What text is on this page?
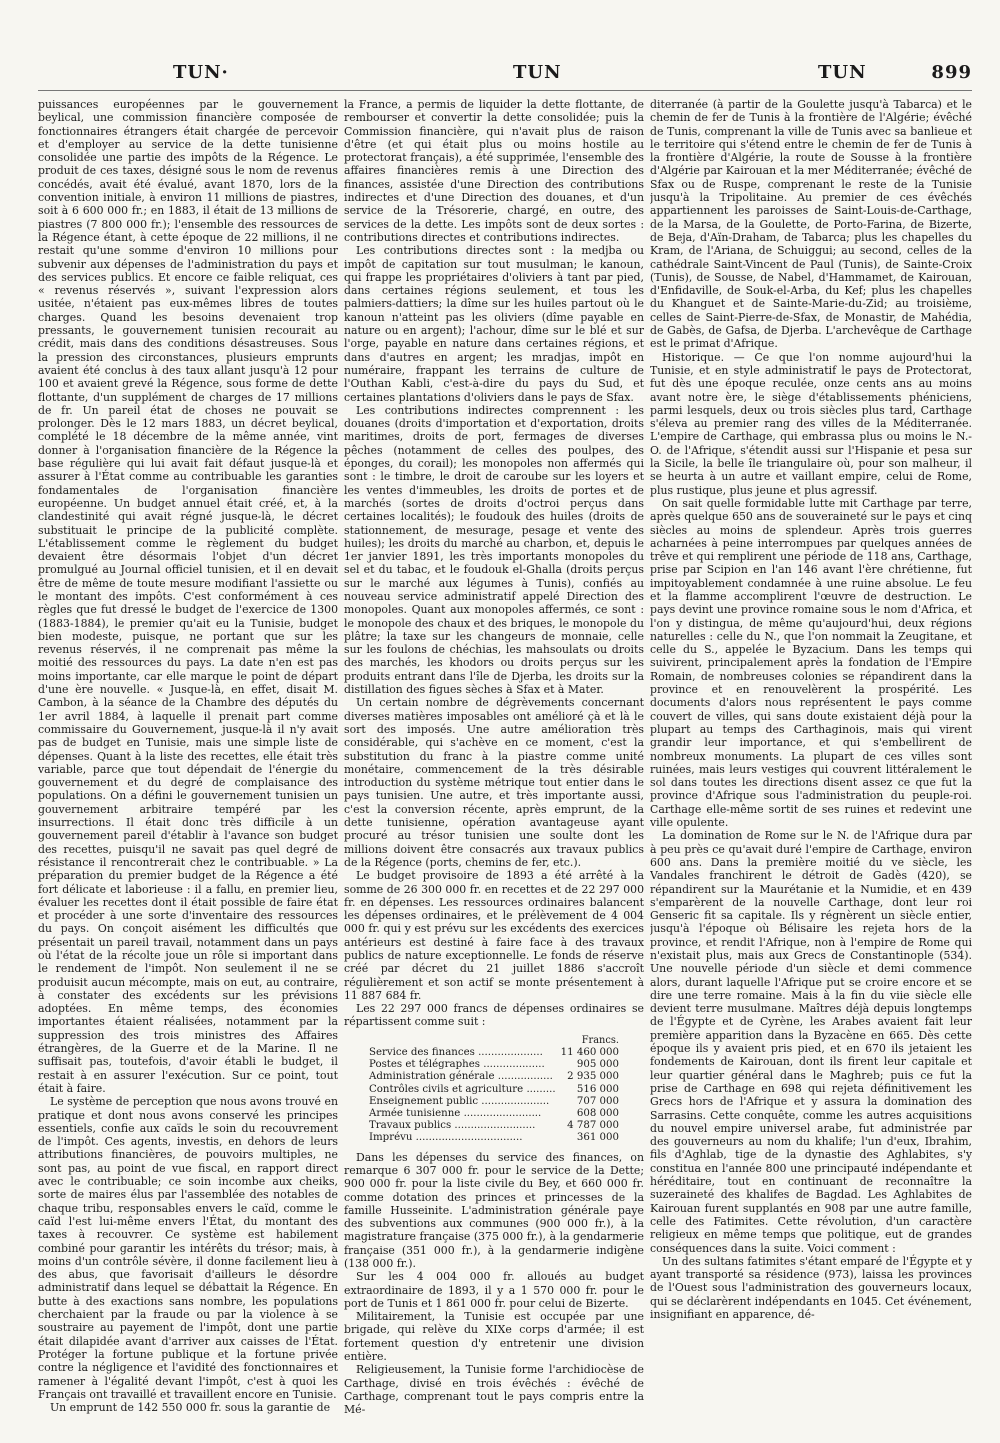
TUN·	TUN	TUN	899

puissances européennes par le gouvernement beylical, une commission financière composée de fonctionnaires étrangers était chargée de percevoir et d'employer au service de la dette tunisienne consolidée une partie des impôts de la Régence. Le produit de ces taxes, désigné sous le nom de revenus concédés, avait été évalué, avant 1870, lors de la convention initiale, à environ 11 millions de piastres, soit à 6 600 000 fr.; en 1883, il était de 13 millions de piastres (7 800 000 fr.); l'ensemble des ressources de la Régence étant, à cette époque de 22 millions, il ne restait qu'une somme d'environ 10 millions pour subvenir aux dépenses de l'administration du pays et des services publics. Et encore ce faible reliquat, ces « revenus réservés », suivant l'expression alors usitée, n'étaient pas eux-mêmes libres de toutes charges. Quand les besoins devenaient trop pressants, le gouvernement tunisien recourait au crédit, mais dans des conditions désastreuses. Sous la pression des circonstances, plusieurs emprunts avaient été conclus à des taux allant jusqu'à 12 pour 100 et avaient grevé la Régence, sous forme de dette flottante, d'un supplément de charges de 17 millions de fr. Un pareil état de choses ne pouvait se prolonger. Dès le 12 mars 1883, un décret beylical, complété le 18 décembre de la même année, vint donner à l'organisation financière de la Régence la base régulière qui lui avait fait défaut jusque-là et assurer à l'État comme au contribuable les garanties fondamentales de l'organisation financière européenne. Un budget annuel était créé, et, à la clandestinité qui avait régné jusque-là, le décret substituait le principe de la publicité complète. L'établissement comme le règlement du budget devaient être désormais l'objet d'un décret promulgué au Journal officiel tunisien, et il en devait être de même de toute mesure modifiant l'assiette ou le montant des impôts. C'est conformément à ces règles que fut dressé le budget de l'exercice de 1300 (1883-1884), le premier qu'ait eu la Tunisie, budget bien modeste, puisque, ne portant que sur les revenus réservés, il ne comprenait pas même la moitié des ressources du pays. La date n'en est pas moins importante, car elle marque le point de départ d'une ère nouvelle. « Jusque-là, en effet, disait M. Cambon, à la séance de la Chambre des députés du 1er avril 1884, à laquelle il prenait part comme commissaire du Gouvernement, jusque-là il n'y avait pas de budget en Tunisie, mais une simple liste de dépenses. Quant à la liste des recettes, elle était très variable, parce que tout dépendait de l'énergie du gouvernement et du degré de complaisance des populations. On a défini le gouvernement tunisien un gouvernement arbitraire tempéré par les insurrections. Il était donc très difficile à un gouvernement pareil d'établir à l'avance son budget des recettes, puisqu'il ne savait pas quel degré de résistance il rencontrerait chez le contribuable. » La préparation du premier budget de la Régence a été fort délicate et laborieuse : il a fallu, en premier lieu, évaluer les recettes dont il était possible de faire état et procéder à une sorte d'inventaire des ressources du pays. On conçoit aisément les difficultés que présentait un pareil travail, notamment dans un pays où l'état de la récolte joue un rôle si important dans le rendement de l'impôt. Non seulement il ne se produisit aucun mécompte, mais on eut, au contraire, à constater des excédents sur les prévisions adoptées. En même temps, des économies importantes étaient réalisées, notamment par la suppression des trois ministres des Affaires étrangères, de la Guerre et de la Marine. Il ne suffisait pas, toutefois, d'avoir établi le budget, il restait à en assurer l'exécution. Sur ce point, tout était à faire.

Le système de perception que nous avons trouvé en pratique et dont nous avons conservé les principes essentiels, confie aux caïds le soin du recouvrement de l'impôt. Ces agents, investis, en dehors de leurs attributions financières, de pouvoirs multiples, ne sont pas, au point de vue fiscal, en rapport direct avec le contribuable; ce soin incombe aux cheiks, sorte de maires élus par l'assemblée des notables de chaque tribu, responsables envers le caïd, comme le caïd l'est lui-même envers l'État, du montant des taxes à recouvrer. Ce système est habilement combiné pour garantir les intérêts du trésor; mais, à moins d'un contrôle sévère, il donne facilement lieu à des abus, que favorisait d'ailleurs le désordre administratif dans lequel se débattait la Régence. En butte à des exactions sans nombre, les populations cherchaient par la fraude ou par la violence à se soustraire au payement de l'impôt, dont une partie était dilapidée avant d'arriver aux caisses de l'État. Protéger la fortune publique et la fortune privée contre la négligence et l'avidité des fonctionnaires et ramener à l'égalité devant l'impôt, c'est à quoi les Français ont travaillé et travaillent encore en Tunisie.

Un emprunt de 142 550 000 fr. sous la garantie de

la France, a permis de liquider la dette flottante, de rembourser et convertir la dette consolidée; puis la Commission financière, qui n'avait plus de raison d'être (et qui était plus ou moins hostile au protectorat français), a été supprimée, l'ensemble des affaires financières remis à une Direction des finances, assistée d'une Direction des contributions indirectes et d'une Direction des douanes, et d'un service de la Trésorerie, chargé, en outre, des services de la dette. Les impôts sont de deux sortes : contributions directes et contributions indirectes.

Les contributions directes sont : la medjba ou impôt de capitation sur tout musulman; le kanoun, qui frappe les propriétaires d'oliviers à tant par pied, dans certaines régions seulement, et tous les palmiers-dattiers; la dîme sur les huiles partout où le kanoun n'atteint pas les oliviers (dîme payable en nature ou en argent); l'achour, dîme sur le blé et sur l'orge, payable en nature dans certaines régions, et dans d'autres en argent; les mradjas, impôt en numéraire, frappant les terrains de culture de l'Outhan Kabli, c'est-à-dire du pays du Sud, et certaines plantations d'oliviers dans le pays de Sfax.

Les contributions indirectes comprennent : les douanes (droits d'importation et d'exportation, droits maritimes, droits de port, fermages de diverses pêches (notamment de celles des poulpes, des éponges, du corail); les monopoles non affermés qui sont : le timbre, le droit de caroube sur les loyers et les ventes d'immeubles, les droits de portes et de marchés (sortes de droits d'octroi perçus dans certaines localités); le foudouk des huiles (droits de stationnement, de mesurage, pesage et vente des huiles); les droits du marché au charbon, et, depuis le 1er janvier 1891, les très importants monopoles du sel et du tabac, et le foudouk el-Ghalla (droits perçus sur le marché aux légumes à Tunis), confiés au nouveau service administratif appelé Direction des monopoles. Quant aux monopoles affermés, ce sont : le monopole des chaux et des briques, le monopole du plâtre; la taxe sur les changeurs de monnaie, celle sur les foulons de chéchias, les mahsoulats ou droits des marchés, les khodors ou droits perçus sur les produits entrant dans l'île de Djerba, les droits sur la distillation des figues sèches à Sfax et à Mater.

Un certain nombre de dégrèvements concernant diverses matières imposables ont amélioré çà et là le sort des imposés. Une autre amélioration très considérable, qui s'achève en ce moment, c'est la substitution du franc à la piastre comme unité monétaire, commencement de la très désirable introduction du système métrique tout entier dans le pays tunisien. Une autre, et très importante aussi, c'est la conversion récente, après emprunt, de la dette tunisienne, opération avantageuse ayant procuré au trésor tunisien une soulte dont les millions doivent être consacrés aux travaux publics de la Régence (ports, chemins de fer, etc.).

Le budget provisoire de 1893 a été arrêté à la somme de 26 300 000 fr. en recettes et de 22 297 000 fr. en dépenses. Les ressources ordinaires balancent les dépenses ordinaires, et le prélèvement de 4 004 000 fr. qui y est prévu sur les excédents des exercices antérieurs est destiné à faire face à des travaux publics de nature exceptionnelle. Le fonds de réserve créé par décret du 21 juillet 1886 s'accroît régulièrement et son actif se monte présentement à 11 887 684 fr.

Les 22 297 000 francs de dépenses ordinaires se répartissent comme suit :

	Francs.
Service des finances ....................	11 460 000
Postes et télégraphes ...................	905 000
Administration générale .................	2 935 000
Contrôles civils et agriculture .........	516 000
Enseignement public .....................	707 000
Armée tunisienne ........................	608 000
Travaux publics .........................	4 787 000
Imprévu .................................	361 000

Dans les dépenses du service des finances, on remarque 6 307 000 fr. pour le service de la Dette; 900 000 fr. pour la liste civile du Bey, et 660 000 fr. comme dotation des princes et princesses de la famille Husseinite. L'administration générale paye des subventions aux communes (900 000 fr.), à la magistrature française (375 000 fr.), à la gendarmerie française (351 000 fr.), à la gendarmerie indigène (138 000 fr.).

Sur les 4 004 000 fr. alloués au budget extraordinaire de 1893, il y a 1 570 000 fr. pour le port de Tunis et 1 861 000 fr. pour celui de Bizerte.

Militairement, la Tunisie est occupée par une brigade, qui relève du XIXe corps d'armée; il est fortement question d'y entretenir une division entière.

Religieusement, la Tunisie forme l'archidiocèse de Carthage, divisé en trois évêchés : évêché de Carthage, comprenant tout le pays compris entre la Mé-

diterranée (à partir de la Goulette jusqu'à Tabarca) et le chemin de fer de Tunis à la frontière de l'Algérie; évêché de Tunis, comprenant la ville de Tunis avec sa banlieue et le territoire qui s'étend entre le chemin de fer de Tunis à la frontière d'Algérie, la route de Sousse à la frontière d'Algérie par Kairouan et la mer Méditerranée; évêché de Sfax ou de Ruspe, comprenant le reste de la Tunisie jusqu'à la Tripolitaine. Au premier de ces évêchés appartiennent les paroisses de Saint-Louis-de-Carthage, de la Marsa, de la Goulette, de Porto-Farina, de Bizerte, de Beja, d'Aïn-Draham, de Tabarca; plus les chapelles du Kram, de l'Ariana, de Schuiggui; au second, celles de la cathédrale Saint-Vincent de Paul (Tunis), de Sainte-Croix (Tunis), de Sousse, de Nabel, d'Hammamet, de Kairouan, d'Enfidaville, de Souk-el-Arba, du Kef; plus les chapelles du Khanguet et de Sainte-Marie-du-Zid; au troisième, celles de Saint-Pierre-de-Sfax, de Monastir, de Mahédia, de Gabès, de Gafsa, de Djerba. L'archevêque de Carthage est le primat d'Afrique.

Historique. — Ce que l'on nomme aujourd'hui la Tunisie, et en style administratif le pays de Protectorat, fut dès une époque reculée, onze cents ans au moins avant notre ère, le siège d'établissements phéniciens, parmi lesquels, deux ou trois siècles plus tard, Carthage s'éleva au premier rang des villes de la Méditerranée. L'empire de Carthage, qui embrassa plus ou moins le N.-O. de l'Afrique, s'étendit aussi sur l'Hispanie et pesa sur la Sicile, la belle île triangulaire où, pour son malheur, il se heurta à un autre et vaillant empire, celui de Rome, plus rustique, plus jeune et plus agressif.

On sait quelle formidable lutte mit Carthage par terre, après quelque 650 ans de souveraineté sur le pays et cinq siècles au moins de splendeur. Après trois guerres acharnées à peine interrompues par quelques années de trêve et qui remplirent une période de 118 ans, Carthage, prise par Scipion en l'an 146 avant l'ère chrétienne, fut impitoyablement condamnée à une ruine absolue. Le feu et la flamme accomplirent l'œuvre de destruction. Le pays devint une province romaine sous le nom d'Africa, et l'on y distingua, de même qu'aujourd'hui, deux régions naturelles : celle du N., que l'on nommait la Zeugitane, et celle du S., appelée le Byzacium. Dans les temps qui suivirent, principalement après la fondation de l'Empire Romain, de nombreuses colonies se répandirent dans la province et en renouvelèrent la prospérité. Les documents d'alors nous représentent le pays comme couvert de villes, qui sans doute existaient déjà pour la plupart au temps des Carthaginois, mais qui virent grandir leur importance, et qui s'embellirent de nombreux monuments. La plupart de ces villes sont ruinées, mais leurs vestiges qui couvrent littéralement le sol dans toutes les directions disent assez ce que fut la province d'Afrique sous l'administration du peuple-roi. Carthage elle-même sortit de ses ruines et redevint une ville opulente.

La domination de Rome sur le N. de l'Afrique dura par à peu près ce qu'avait duré l'empire de Carthage, environ 600 ans. Dans la première moitié du ve siècle, les Vandales franchirent le détroit de Gadès (420), se répandirent sur la Maurétanie et la Numidie, et en 439 s'emparèrent de la nouvelle Carthage, dont leur roi Genseric fit sa capitale. Ils y régnèrent un siècle entier, jusqu'à l'époque où Bélisaire les rejeta hors de la province, et rendit l'Afrique, non à l'empire de Rome qui n'existait plus, mais aux Grecs de Constantinople (534). Une nouvelle période d'un siècle et demi commence alors, durant laquelle l'Afrique put se croire encore et se dire une terre romaine. Mais à la fin du viie siècle elle devient terre musulmane. Maîtres déjà depuis longtemps de l'Égypte et de Cyrène, les Arabes avaient fait leur première apparition dans la Byzacène en 665. Dès cette époque ils y avaient pris pied, et en 670 ils jetaient les fondements de Kairouan, dont ils firent leur capitale et leur quartier général dans le Maghreb; puis ce fut la prise de Carthage en 698 qui rejeta définitivement les Grecs hors de l'Afrique et y assura la domination des Sarrasins. Cette conquête, comme les autres acquisitions du nouvel empire universel arabe, fut administrée par des gouverneurs au nom du khalife; l'un d'eux, Ibrahim, fils d'Aghlab, tige de la dynastie des Aghlabites, s'y constitua en l'année 800 une principauté indépendante et héréditaire, tout en continuant de reconnaître la suzeraineté des khalifes de Bagdad. Les Aghlabites de Kairouan furent supplantés en 908 par une autre famille, celle des Fatimites. Cette révolution, d'un caractère religieux en même temps que politique, eut de grandes conséquences dans la suite. Voici comment :

Un des sultans fatimites s'étant emparé de l'Égypte et y ayant transporté sa résidence (973), laissa les provinces de l'Ouest sous l'administration des gouverneurs locaux, qui se déclarèrent indépendants en 1045. Cet événement, insignifiant en apparence, dé-
